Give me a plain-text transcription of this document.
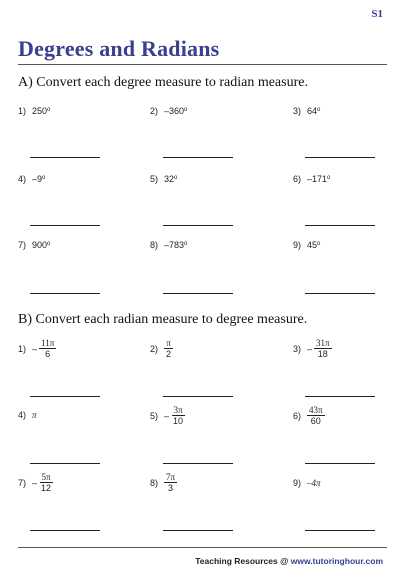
S1
Degrees and Radians
A) Convert each degree measure to radian measure.
1) 250 o	2) –360 o	3) 64 o
4) –9 o	5) 32 o	6) –171 o
7) 900 o	8) –783 o	9) 45 o
B) Convert each radian measure to degree measure.
$1) - \frac{11\pi}{6}$	$2) \frac{\pi}{2}$	$3) - \frac{31\pi}{18}$
4) π	$5) - \frac{3\pi}{10}$	$6) \frac{43\pi}{60}$
$7) - \frac{5\pi}{12}$	$8) \frac{7\pi}{3}$	9) –4π
Teaching Resources @ www.tutoringhour.com
